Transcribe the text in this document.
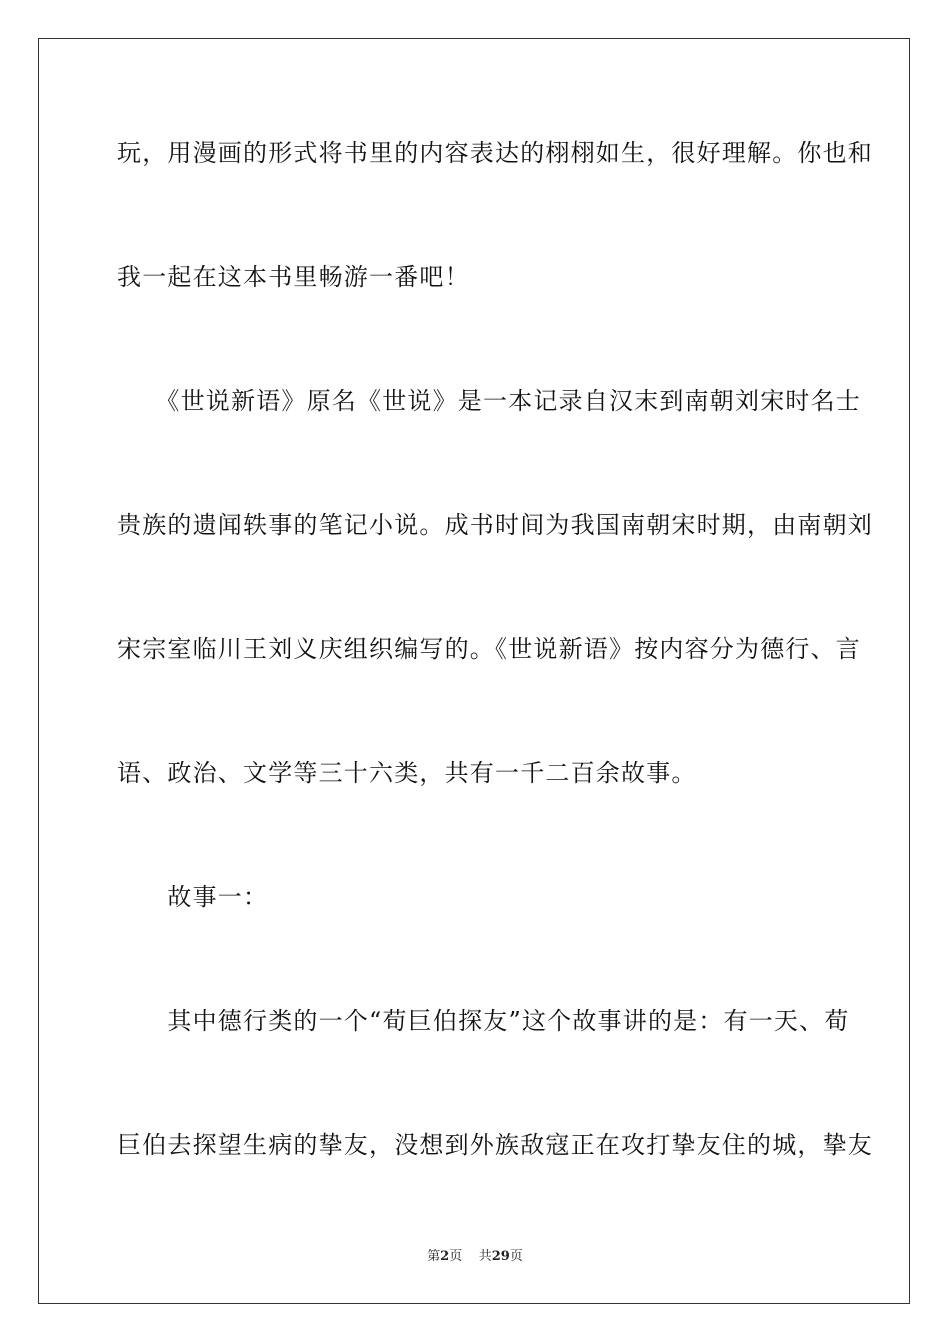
玩，用漫画的形式将书里的内容表达的栩栩如生，很好理解。你也和
我一起在这本书里畅游一番吧！
　　《世说新语》原名《世说》是一本记录自汉末到南朝刘宋时名士
贵族的遗闻轶事的笔记小说。成书时间为我国南朝宋时期，由南朝刘
宋宗室临川王刘义庆组织编写的。《世说新语》按内容分为德行、言
语、政治、文学等三十六类，共有一千二百余故事。
　　故事一：
　　其中德行类的一个“荀巨伯探友”这个故事讲的是：有一天、荀
巨伯去探望生病的挚友，没想到外族敌寇正在攻打挚友住的城，挚友
第2页 共29页
